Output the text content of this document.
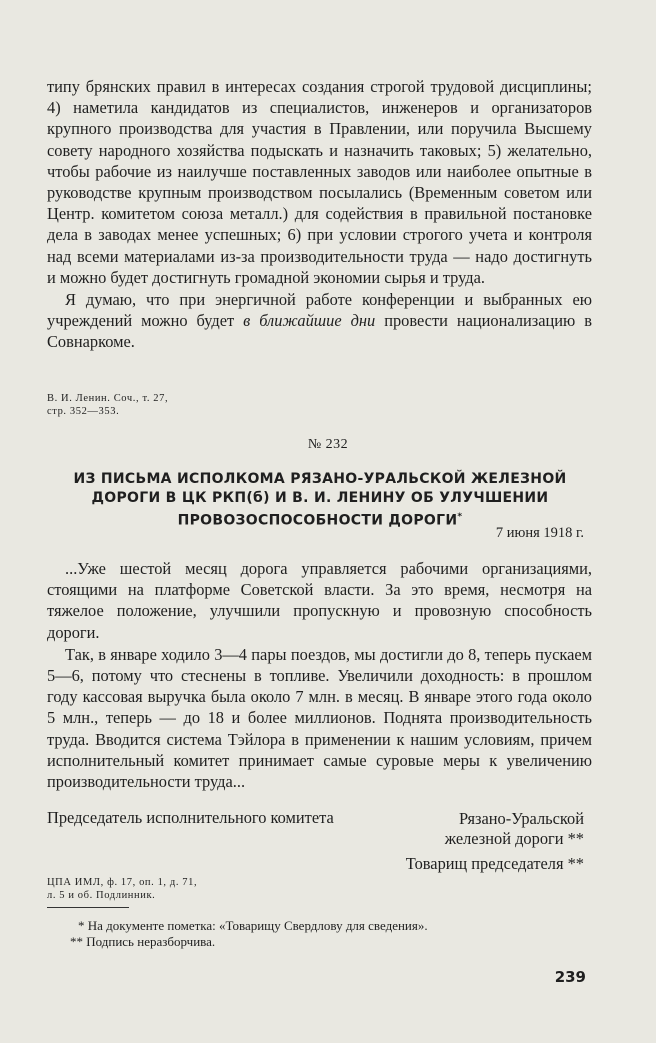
типу брянских правил в интересах создания строгой трудовой дисциплины; 4) наметила кандидатов из специалистов, инженеров и организаторов крупного производства для участия в Правлении, или поручила Высшему совету народного хозяйства подыскать и назначить таковых; 5) желательно, чтобы рабочие из наилучше поставленных заводов или наиболее опытные в руководстве крупным производством посылались (Временным советом или Центр. комитетом союза металл.) для содействия в правильной постановке дела в заводах менее успешных; 6) при условии строгого учета и контроля над всеми материалами из-за производительности труда — надо достигнуть и можно будет достигнуть громадной экономии сырья и труда.

Я думаю, что при энергичной работе конференции и выбранных ею учреждений можно будет в ближайшие дни провести национализацию в Совнаркоме.

В. И. Ленин. Соч., т. 27,
стр. 352—353.
№ 232
ИЗ ПИСЬМА ИСПОЛКОМА РЯЗАНО-УРАЛЬСКОЙ ЖЕЛЕЗНОЙ
ДОРОГИ В ЦК РКП(б) И В. И. ЛЕНИНУ ОБ УЛУЧШЕНИИ
ПРОВОЗОСПОСОБНОСТИ ДОРОГИ*
7 июня 1918 г.

...Уже шестой месяц дорога управляется рабочими организациями, стоящими на платформе Советской власти. За это время, несмотря на тяжелое положение, улучшили пропускную и провозную способность дороги.

Так, в январе ходило 3—4 пары поездов, мы достигли до 8, теперь пускаем 5—6, потому что стеснены в топливе. Увеличили доходность: в прошлом году кассовая выручка была около 7 млн. в месяц. В январе этого года около 5 млн., теперь — до 18 и более миллионов. Поднята производительность труда. Вводится система Тэйлора в применении к нашим условиям, причем исполнительный комитет принимает самые суровые меры к увеличению производительности труда...

Председатель исполнительного комитета	Рязано-Уральской
железной дороги **
Товарищ председателя **
ЦПА ИМЛ, ф. 17, оп. 1, д. 71,
л. 5 и об. Подлинник.
* На документе пометка: «Товарищу Свердлову для сведения».
** Подпись неразборчива.
239
